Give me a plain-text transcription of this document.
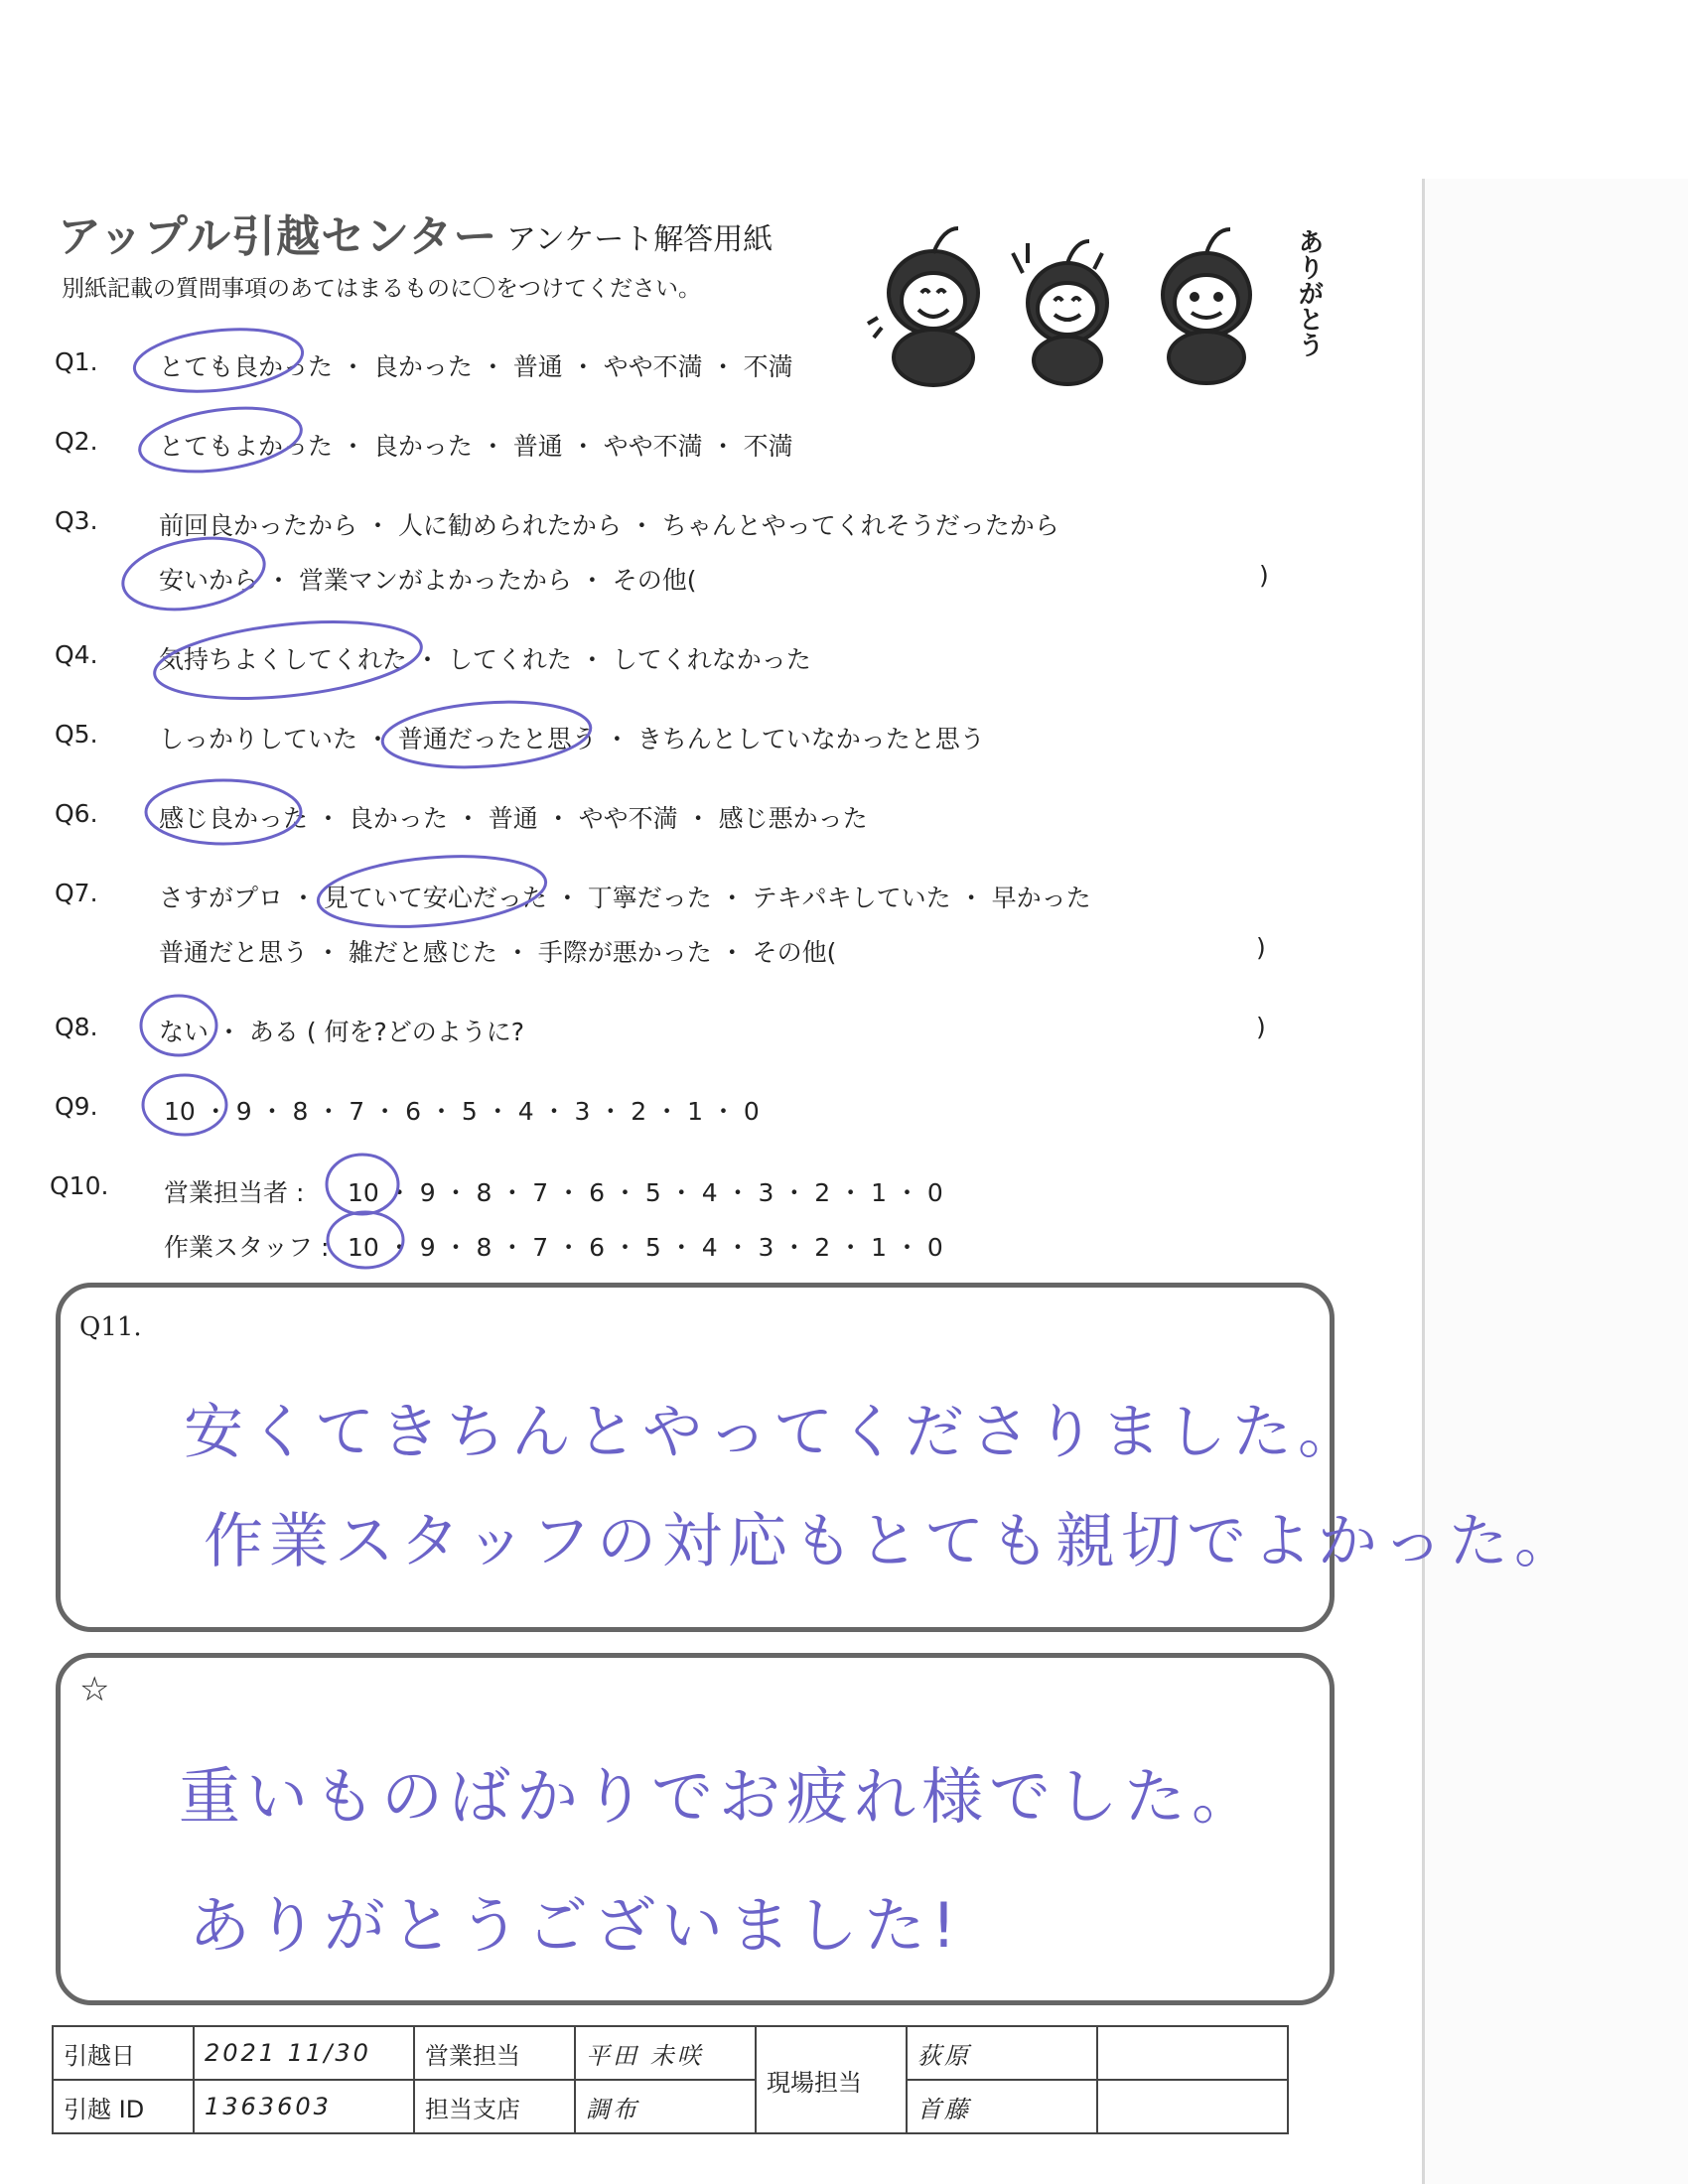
アップル引越センター アンケート解答用紙
別紙記載の質問事項のあてはまるものに〇をつけてください。	ありがとう
Q1. とても良かった ・ 良かった ・ 普通 ・ やや不満 ・ 不満
Q2. とてもよかった ・ 良かった ・ 普通 ・ やや不満 ・ 不満
Q3. 前回良かったから ・ 人に勧められたから ・ ちゃんとやってくれそうだったから
安いから ・ 営業マンがよかったから ・ その他(	)
Q4. 気持ちよくしてくれた ・ してくれた ・ してくれなかった
Q5. しっかりしていた ・ 普通だったと思う ・ きちんとしていなかったと思う
Q6. 感じ良かった ・ 良かった ・ 普通 ・ やや不満 ・ 感じ悪かった
Q7. さすがプロ ・ 見ていて安心だった ・ 丁寧だった ・ テキパキしていた ・ 早かった
普通だと思う ・ 雑だと感じた ・ 手際が悪かった ・ その他(	)
Q8. ない ・ ある ( 何を?どのように?	)
Q9.	10 ・ 9 ・ 8 ・ 7 ・ 6 ・ 5 ・ 4 ・ 3 ・ 2 ・ 1 ・ 0
Q10. 営業担当者 : 10 ・ 9 ・ 8 ・ 7 ・ 6 ・ 5 ・ 4 ・ 3 ・ 2 ・ 1 ・ 0
作業スタッフ : 10 ・ 9 ・ 8 ・ 7 ・ 6 ・ 5 ・ 4 ・ 3 ・ 2 ・ 1 ・ 0
Q11.
安くてきちんとやってくださりました。
作業スタッフの対応もとても親切でよかった。
☆
重いものばかりでお疲れ様でした。
ありがとうございました!
引越日	2021 11/30	営業担当	平田 未咲	現場担当	荻原	
引越 ID	1363603	担当支店	調布		首藤	
